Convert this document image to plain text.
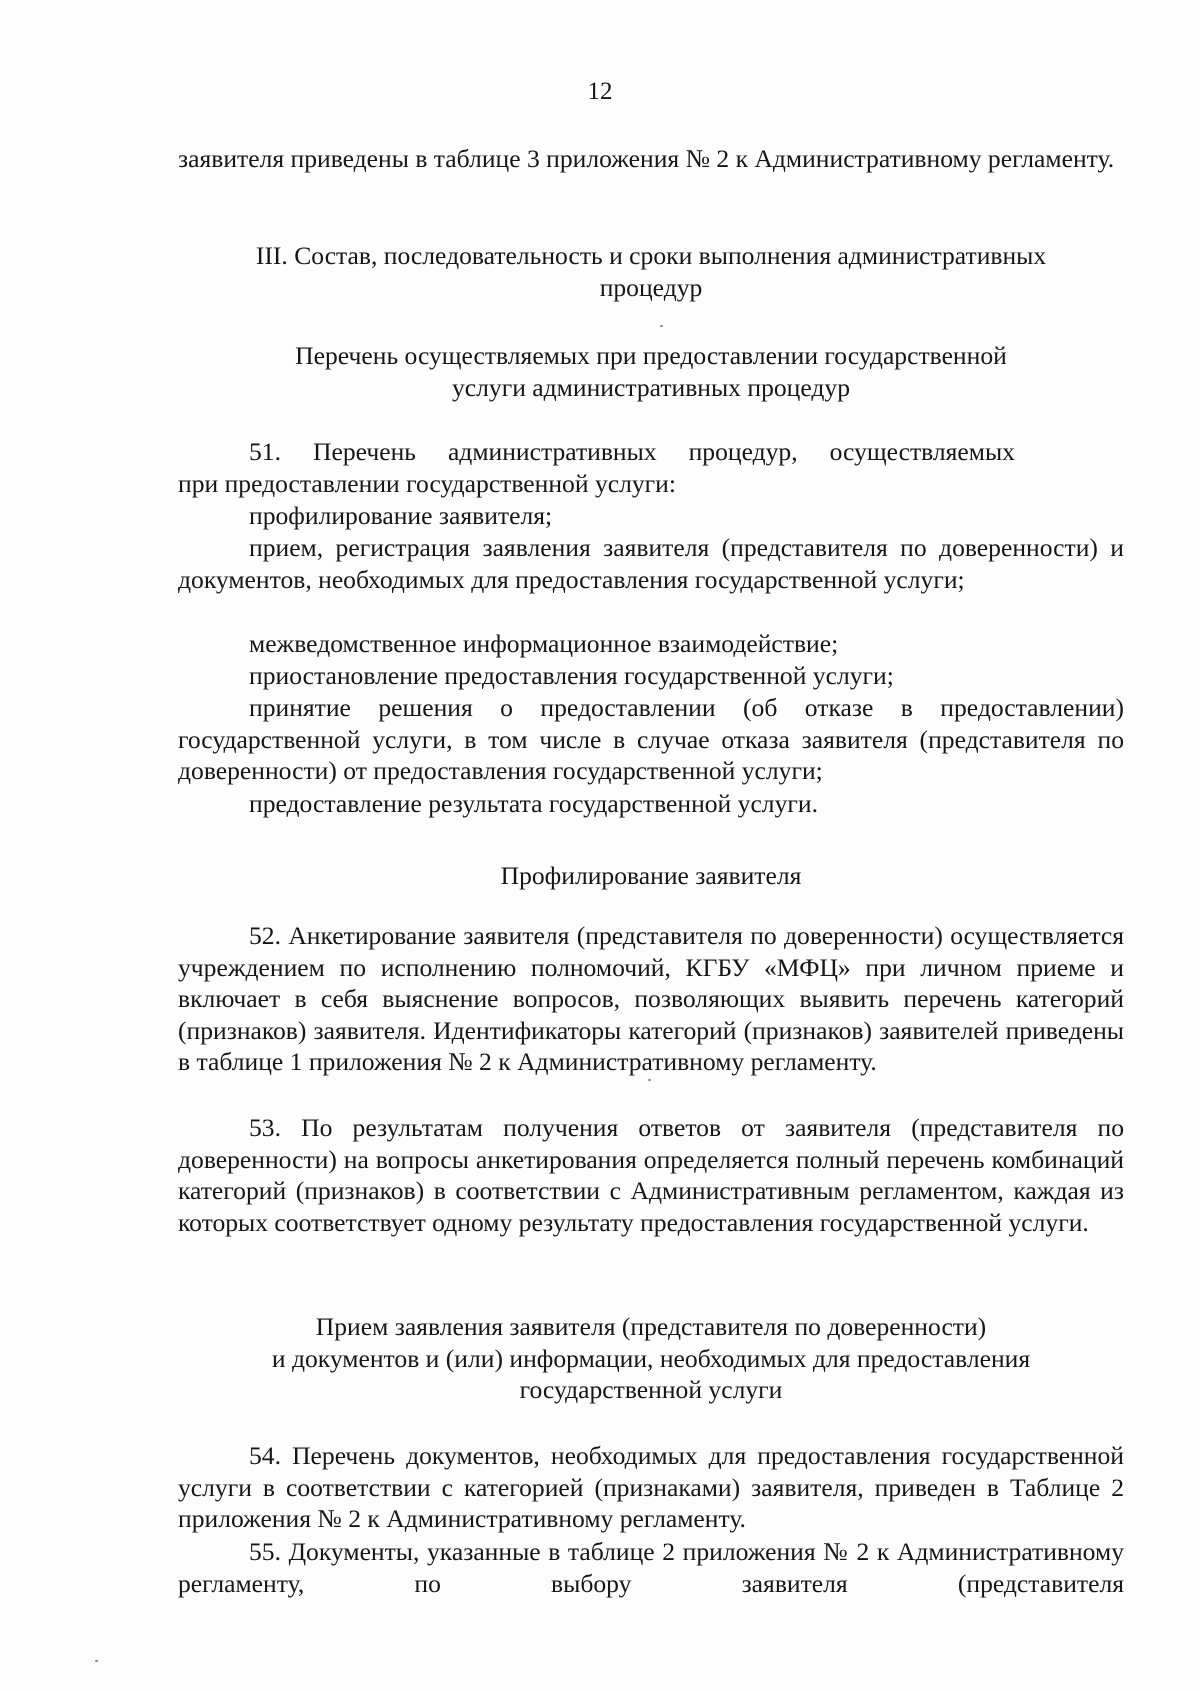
12

заявителя приведены в таблице 3 приложения № 2 к Административному регламенту.

III. Состав, последовательность и сроки выполнения административных
процедур
Перечень осуществляемых при предоставлении государственной
услуги административных процедур

51.     Перечень     административных     процедур,     осуществляемых

при предоставлении государственной услуги:

профилирование заявителя;

прием, регистрация заявления заявителя (представителя по доверенности) и документов, необходимых для предоставления государственной услуги;

межведомственное информационное взаимодействие;

приостановление предоставления государственной услуги;

принятие решения о предоставлении (об отказе в предоставлении) государственной услуги, в том числе в случае отказа заявителя (представителя по доверенности) от предоставления государственной услуги;

предоставление результата государственной услуги.

Профилирование заявителя

52. Анкетирование заявителя (представителя по доверенности) осуществляется учреждением по исполнению полномочий, КГБУ «МФЦ» при личном приеме и включает в себя выяснение вопросов, позволяющих выявить перечень категорий (признаков) заявителя. Идентификаторы категорий (признаков) заявителей приведены в таблице 1 приложения № 2 к Административному регламенту.

53. По результатам получения ответов от заявителя (представителя по доверенности) на вопросы анкетирования определяется полный перечень комбинаций категорий (признаков) в соответствии с Административным регламентом, каждая из которых соответствует одному результату предоставления государственной услуги.

Прием заявления заявителя (представителя по доверенности)
и документов и (или) информации, необходимых для предоставления
государственной услуги

54. Перечень документов, необходимых для предоставления государственной услуги в соответствии с категорией (признаками) заявителя, приведен в Таблице 2 приложения № 2 к Административному регламенту.

55. Документы, указанные в таблице 2 приложения № 2 к Административному регламенту, по выбору заявителя (представителя
